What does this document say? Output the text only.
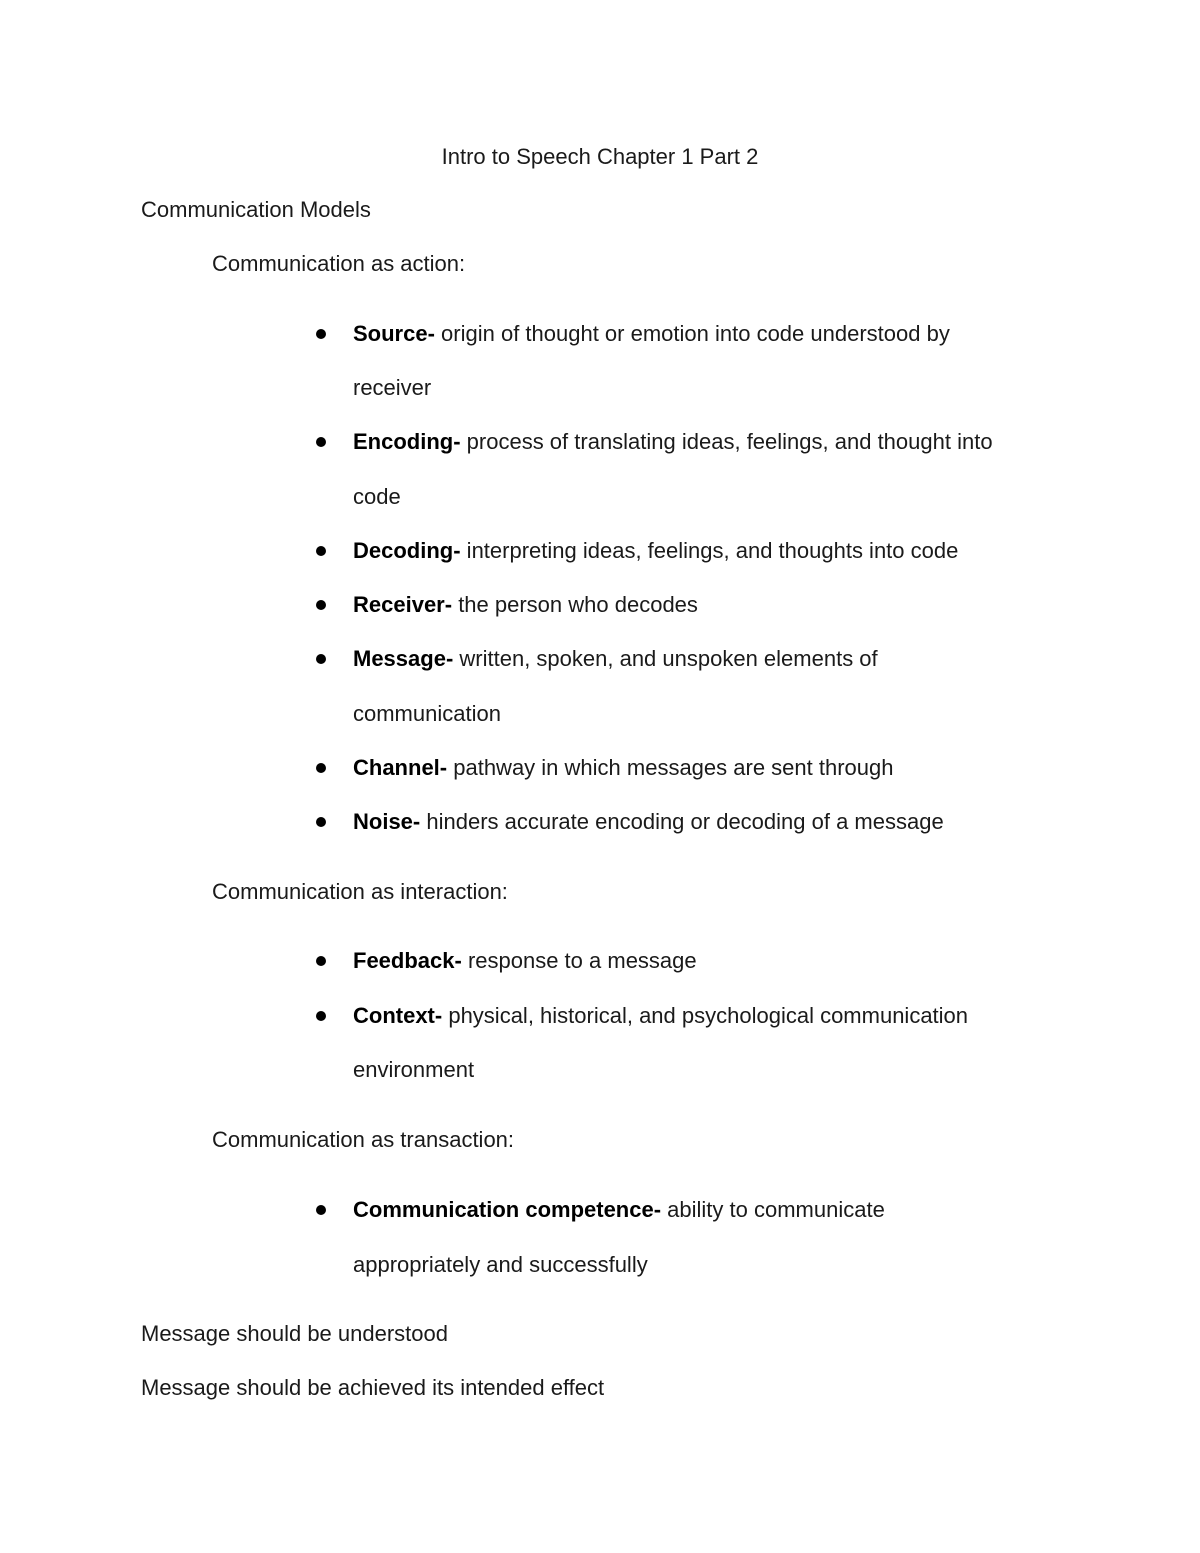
Intro to Speech Chapter 1 Part 2
Communication Models
Communication as action:
Source- origin of thought or emotion into code understood by
receiver
Encoding- process of translating ideas, feelings, and thought into
code
Decoding- interpreting ideas, feelings, and thoughts into code
Receiver- the person who decodes
Message- written, spoken, and unspoken elements of
communication
Channel- pathway in which messages are sent through
Noise- hinders accurate encoding or decoding of a message
Communication as interaction:
Feedback- response to a message
Context- physical, historical, and psychological communication
environment
Communication as transaction:
Communication competence- ability to communicate
appropriately and successfully
Message should be understood
Message should be achieved its intended effect
